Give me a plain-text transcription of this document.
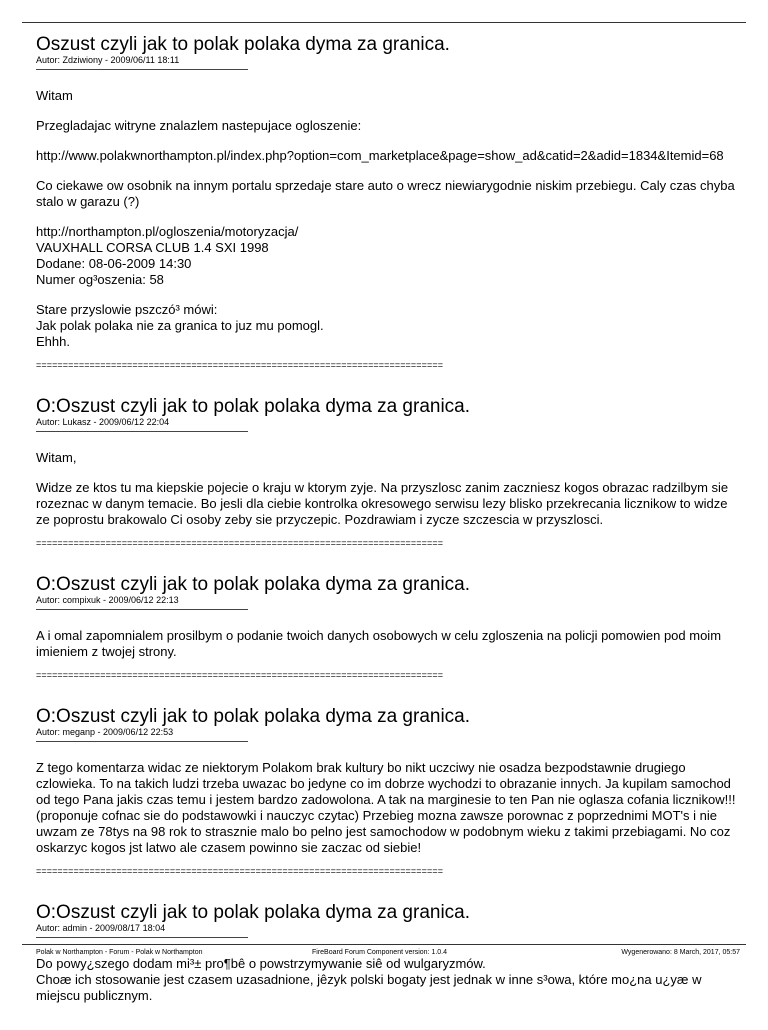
Oszust czyli jak to polak polaka dyma za granica.
Autor: Zdziwiony - 2009/06/11 18:11

Witam

Przegladajac witryne znalazlem nastepujace ogloszenie:

http://www.polakwnorthampton.pl/index.php?option=com_marketplace&page=show_ad&catid=2&adid=1834&Itemid=68

Co ciekawe ow osobnik na innym portalu sprzedaje stare auto o wrecz niewiarygodnie niskim przebiegu. Caly czas chyba stalo w garazu (?)

http://northampton.pl/ogloszenia/motoryzacja/
VAUXHALL CORSA CLUB 1.4 SXI 1998
Dodane: 08-06-2009 14:30
Numer og³oszenia: 58

Stare przyslowie pszczó³ mówi:
Jak polak polaka nie za granica to juz mu pomogl.
Ehhh.

============================================================================
O:Oszust czyli jak to polak polaka dyma za granica.
Autor: Lukasz - 2009/06/12 22:04

Witam,

Widze ze ktos tu ma kiepskie pojecie o kraju w ktorym zyje. Na przyszlosc zanim zaczniesz kogos obrazac radzilbym sie rozeznac w danym temacie. Bo jesli dla ciebie kontrolka okresowego serwisu lezy blisko przekrecania licznikow to widze ze poprostu brakowalo Ci osoby zeby sie przyczepic. Pozdrawiam i zycze szczescia w przyszlosci.

============================================================================
O:Oszust czyli jak to polak polaka dyma za granica.
Autor: compixuk - 2009/06/12 22:13

A i omal zapomnialem prosilbym o podanie twoich danych osobowych w celu zgloszenia na policji pomowien pod moim imieniem z twojej strony.

============================================================================
O:Oszust czyli jak to polak polaka dyma za granica.
Autor: meganp - 2009/06/12 22:53

Z tego komentarza widac ze niektorym Polakom brak kultury bo nikt uczciwy nie osadza bezpodstawnie drugiego czlowieka. To na takich ludzi trzeba uwazac bo jedyne co im dobrze wychodzi to obrazanie innych. Ja kupilam samochod od tego Pana jakis czas temu i jestem bardzo zadowolona. A tak na marginesie to ten Pan nie oglasza cofania licznikow!!!(proponuje cofnac sie do podstawowki i nauczyc czytac) Przebieg mozna zawsze porownac z poprzednimi MOT's i nie uwzam ze 78tys na 98 rok to strasznie malo bo pelno jest samochodow w podobnym wieku z takimi przebiagami. No coz oskarzyc kogos jst latwo ale czasem powinno sie zaczac od siebie!

============================================================================
O:Oszust czyli jak to polak polaka dyma za granica.
Autor: admin - 2009/08/17 18:04

Do powy¿szego dodam mi³± pro¶bê o powstrzymywanie siê od wulgaryzmów.
Choæ ich stosowanie jest czasem uzasadnione, jêzyk polski bogaty jest jednak w inne s³owa, które mo¿na u¿yæ w miejscu publicznym.

Polak w Northampton - Forum - Polak w Northampton	FireBoard Forum Component version: 1.0.4	Wygenerowano: 8 March, 2017, 05:57
